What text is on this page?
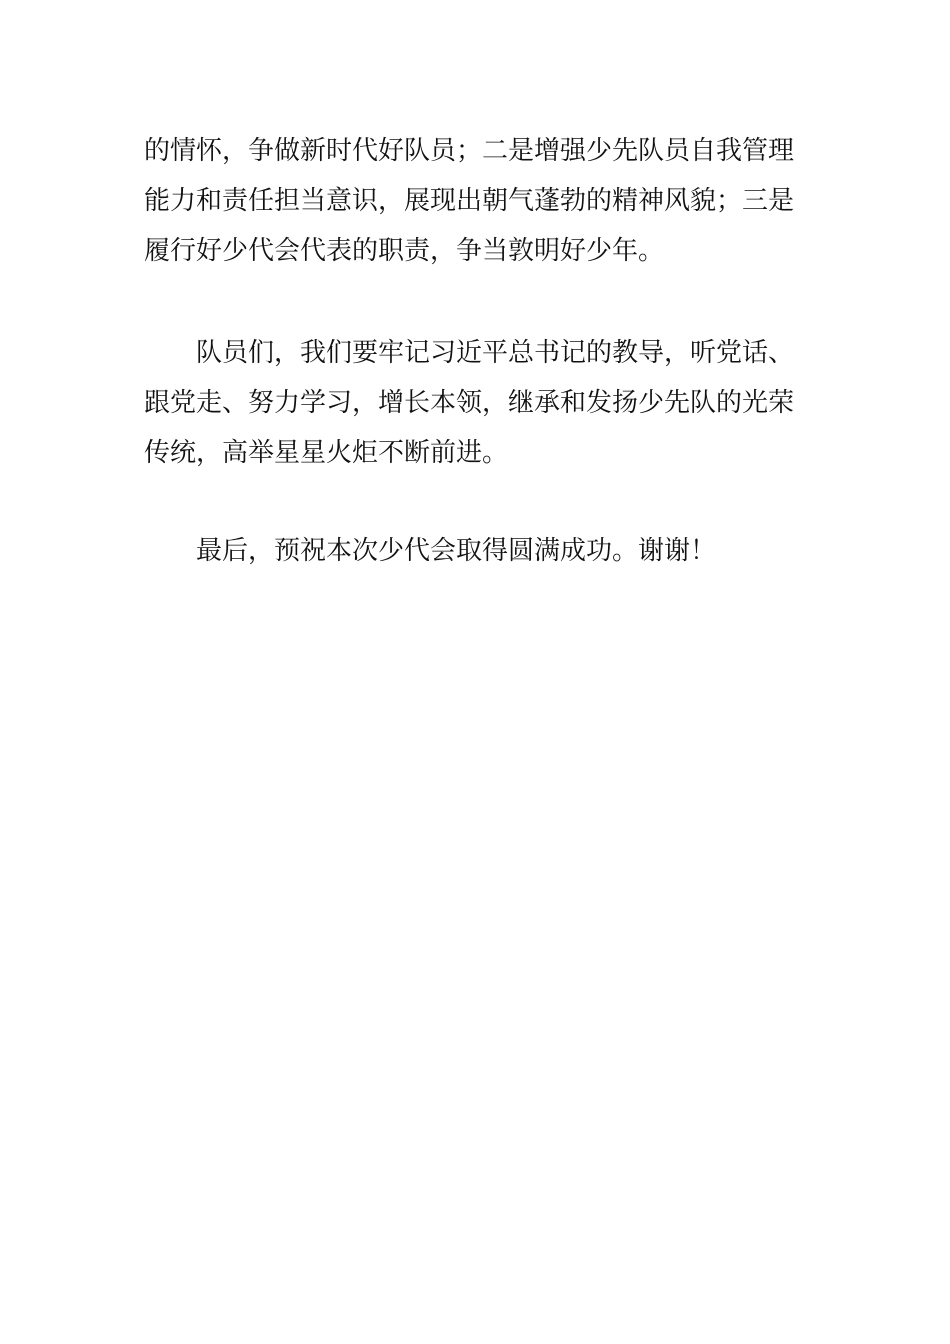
的情怀，争做新时代好队员；二是增强少先队员自我管理
能力和责任担当意识，展现出朝气蓬勃的精神风貌；三是
履行好少代会代表的职责，争当敦明好少年。
队员们，我们要牢记习近平总书记的教导，听党话、
跟党走、努力学习，增长本领，继承和发扬少先队的光荣
传统，高举星星火炬不断前进。
最后，预祝本次少代会取得圆满成功。谢谢！
